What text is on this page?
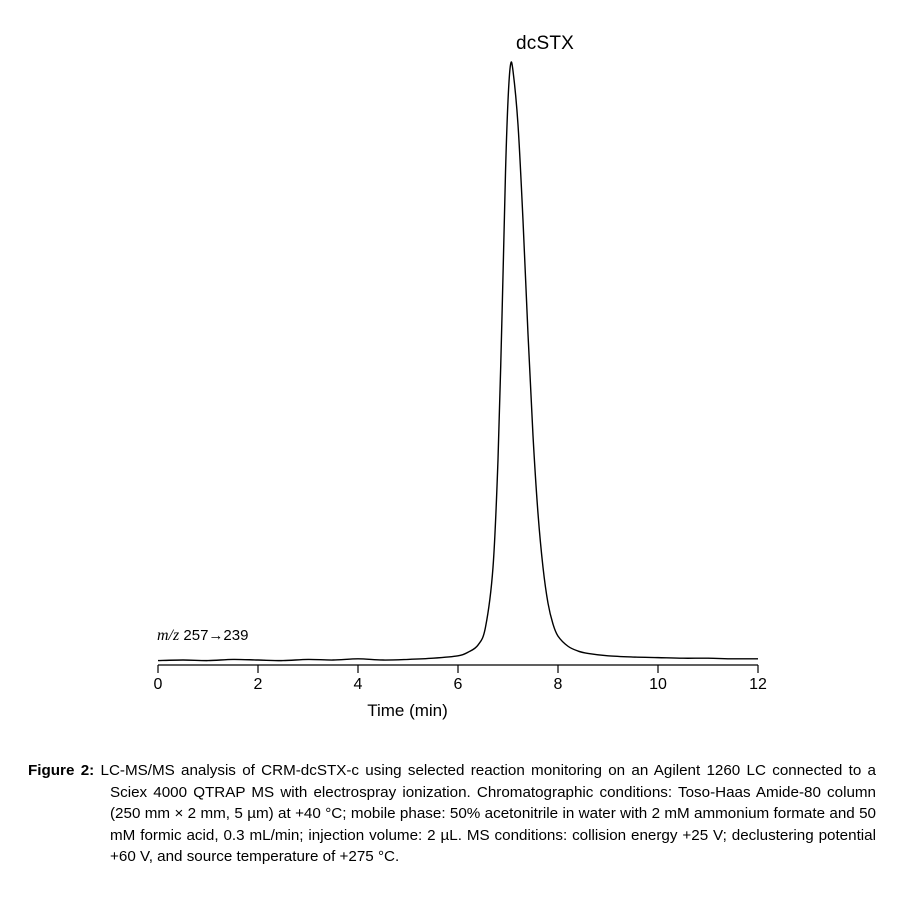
dcSTX
m/z 257→239
Time (min)
0	2	4	6	8	10	12
Figure 2: LC-MS/MS analysis of CRM-dcSTX-c using selected reaction monitoring on an Agilent 1260 LC connected to a Sciex 4000 QTRAP MS with electrospray ionization. Chromatographic conditions: Toso-Haas Amide-80 column (250 mm × 2 mm, 5 µm) at +40 °C; mobile phase: 50% acetonitrile in water with 2 mM ammonium formate and 50 mM formic acid, 0.3 mL/min; injection volume: 2 µL. MS conditions: collision energy +25 V; declustering potential +60 V, and source temperature of +275 °C.
